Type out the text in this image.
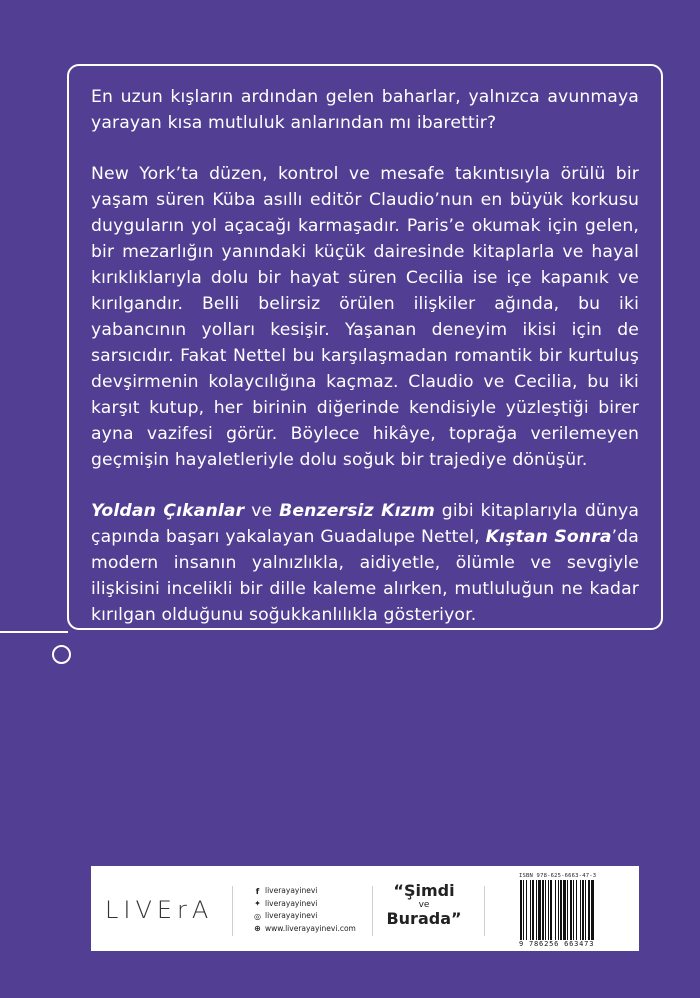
En uzun kışların ardından gelen baharlar, yalnızca avunmaya yarayan kısa mutluluk anlarından mı ibarettir?

New York’ta düzen, kontrol ve mesafe takıntısıyla örülü bir yaşam süren Küba asıllı editör Claudio’nun en büyük korkusu duyguların yol açacağı karmaşadır. Paris’e okumak için gelen, bir mezarlığın yanındaki küçük dairesinde kitaplarla ve hayal kırıklıklarıyla dolu bir hayat süren Cecilia ise içe kapanık ve kırılgandır. Belli belirsiz örülen ilişkiler ağında, bu iki yabancının yolları kesişir. Yaşanan deneyim ikisi için de sarsıcıdır. Fakat Nettel bu karşılaşmadan romantik bir kurtuluş devşirmenin kolaycılığına kaçmaz. Claudio ve Cecilia, bu iki karşıt kutup, her birinin diğerinde kendisiyle yüzleştiği birer ayna vazifesi görür. Böylece hikâye, toprağa verilemeyen geçmişin hayaletleriyle dolu soğuk bir trajediye dönüşür.

Yoldan Çıkanlar ve Benzersiz Kızım gibi kitaplarıyla dünya çapında başarı yakalayan Guadalupe Nettel, Kıştan Sonra’da modern insanın yalnızlıkla, aidiyetle, ölümle ve sevgiyle ilişkisini incelikli bir dille kaleme alırken, mutluluğun ne kadar kırılgan olduğunu soğukkanlılıkla gösteriyor.

LIVErA
f liverayayinevi
✦ liverayayinevi
◎ liverayayinevi
⊕ www.liverayayinevi.com
“Şimdi
ve
Burada”
ISBN 978-625-6663-47-3
9 786256 663473
